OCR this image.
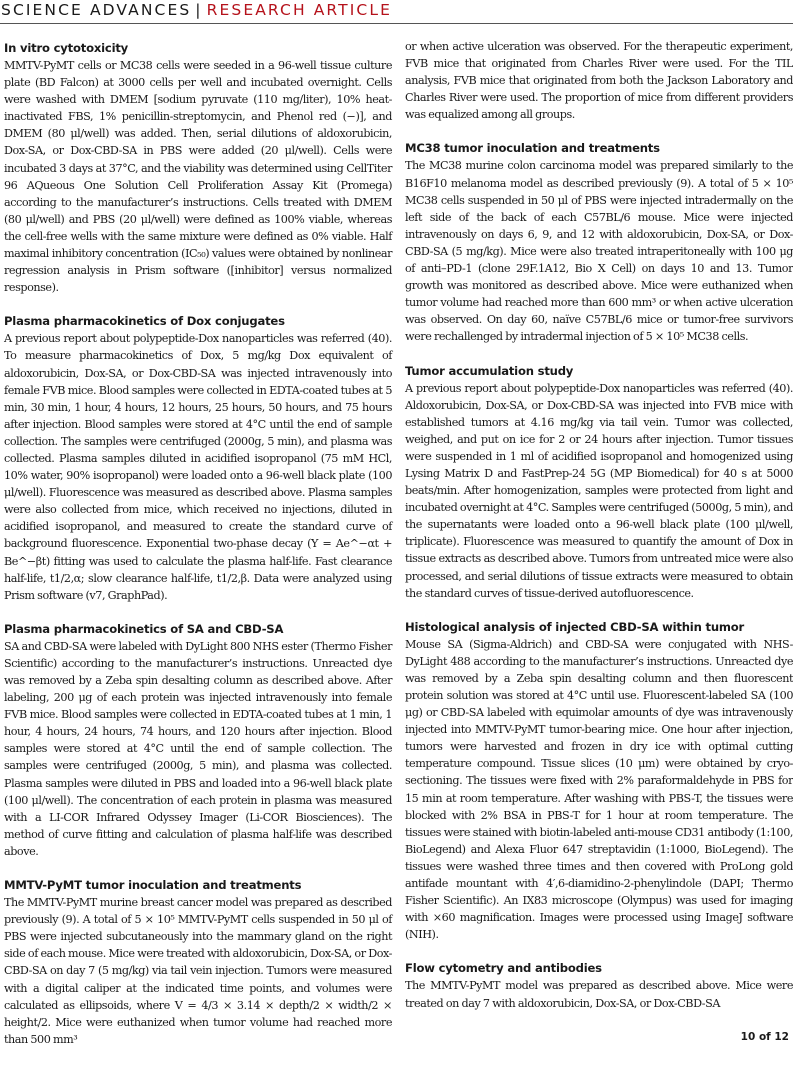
SCIENCE ADVANCES | RESEARCH ARTICLE
In vitro cytotoxicity

MMTV-PyMT cells or MC38 cells were seeded in a 96-well tissue culture plate (BD Falcon) at 3000 cells per well and incubated overnight. Cells were washed with DMEM [sodium pyruvate (110 mg/liter), 10% heat-inactivated FBS, 1% penicillin-streptomycin, and Phenol red (−)], and DMEM (80 μl/well) was added. Then, serial dilutions of aldoxorubicin, Dox-SA, or Dox-CBD-SA in PBS were added (20 μl/well). Cells were incubated 3 days at 37°C, and the viability was determined using CellTiter 96 AQueous One Solution Cell Proliferation Assay Kit (Promega) according to the manufacturer’s instructions. Cells treated with DMEM (80 μl/well) and PBS (20 μl/well) were defined as 100% viable, whereas the cell-free wells with the same mixture were defined as 0% viable. Half maximal inhibitory concentration (IC₅₀) values were obtained by nonlinear regression analysis in Prism software ([inhibitor] versus normalized response).

Plasma pharmacokinetics of Dox conjugates

A previous report about polypeptide-Dox nanoparticles was referred (40). To measure pharmacokinetics of Dox, 5 mg/kg Dox equivalent of aldoxorubicin, Dox-SA, or Dox-CBD-SA was injected intravenously into female FVB mice. Blood samples were collected in EDTA-coated tubes at 5 min, 30 min, 1 hour, 4 hours, 12 hours, 25 hours, 50 hours, and 75 hours after injection. Blood samples were stored at 4°C until the end of sample collection. The samples were centrifuged (2000g, 5 min), and plasma was collected. Plasma samples diluted in acidified isopropanol (75 mM HCl, 10% water, 90% isopropanol) were loaded onto a 96-well black plate (100 μl/well). Fluorescence was measured as described above. Plasma samples were also collected from mice, which received no injections, diluted in acidified isopropanol, and measured to create the standard curve of background fluorescence. Exponential two-phase decay (Y = Ae^−αt + Be^−βt) fitting was used to calculate the plasma half-life. Fast clearance half-life, t1/2,α; slow clearance half-life, t1/2,β. Data were analyzed using Prism software (v7, GraphPad).

Plasma pharmacokinetics of SA and CBD-SA

SA and CBD-SA were labeled with DyLight 800 NHS ester (Thermo Fisher Scientific) according to the manufacturer’s instructions. Unreacted dye was removed by a Zeba spin desalting column as described above. After labeling, 200 μg of each protein was injected intravenously into female FVB mice. Blood samples were collected in EDTA-coated tubes at 1 min, 1 hour, 4 hours, 24 hours, 74 hours, and 120 hours after injection. Blood samples were stored at 4°C until the end of sample collection. The samples were centrifuged (2000g, 5 min), and plasma was collected. Plasma samples were diluted in PBS and loaded into a 96-well black plate (100 μl/well). The concentration of each protein in plasma was measured with a LI-COR Infrared Odyssey Imager (Li-COR Biosciences). The method of curve fitting and calculation of plasma half-life was described above.

MMTV-PyMT tumor inoculation and treatments

The MMTV-PyMT murine breast cancer model was prepared as described previously (9). A total of 5 × 10⁵ MMTV-PyMT cells suspended in 50 μl of PBS were injected subcutaneously into the mammary gland on the right side of each mouse. Mice were treated with aldoxorubicin, Dox-SA, or Dox-CBD-SA on day 7 (5 mg/kg) via tail vein injection. Tumors were measured with a digital caliper at the indicated time points, and volumes were calculated as ellipsoids, where V = 4/3 × 3.14 × depth/2 × width/2 × height/2. Mice were euthanized when tumor volume had reached more than 500 mm³

or when active ulceration was observed. For the therapeutic experiment, FVB mice that originated from Charles River were used. For the TIL analysis, FVB mice that originated from both the Jackson Laboratory and Charles River were used. The proportion of mice from different providers was equalized among all groups.

MC38 tumor inoculation and treatments

The MC38 murine colon carcinoma model was prepared similarly to the B16F10 melanoma model as described previously (9). A total of 5 × 10⁵ MC38 cells suspended in 50 μl of PBS were injected intradermally on the left side of the back of each C57BL/6 mouse. Mice were injected intravenously on days 6, 9, and 12 with aldoxorubicin, Dox-SA, or Dox-CBD-SA (5 mg/kg). Mice were also treated intraperitoneally with 100 μg of anti–PD-1 (clone 29F.1A12, Bio X Cell) on days 10 and 13. Tumor growth was monitored as described above. Mice were euthanized when tumor volume had reached more than 600 mm³ or when active ulceration was observed. On day 60, naïve C57BL/6 mice or tumor-free survivors were rechallenged by intradermal injection of 5 × 10⁵ MC38 cells.

Tumor accumulation study

A previous report about polypeptide-Dox nanoparticles was referred (40). Aldoxorubicin, Dox-SA, or Dox-CBD-SA was injected into FVB mice with established tumors at 4.16 mg/kg via tail vein. Tumor was collected, weighed, and put on ice for 2 or 24 hours after injection. Tumor tissues were suspended in 1 ml of acidified isopropanol and homogenized using Lysing Matrix D and FastPrep-24 5G (MP Biomedical) for 40 s at 5000 beats/min. After homogenization, samples were protected from light and incubated overnight at 4°C. Samples were centrifuged (5000g, 5 min), and the supernatants were loaded onto a 96-well black plate (100 μl/well, triplicate). Fluorescence was measured to quantify the amount of Dox in tissue extracts as described above. Tumors from untreated mice were also processed, and serial dilutions of tissue extracts were measured to obtain the standard curves of tissue-derived autofluorescence.

Histological analysis of injected CBD-SA within tumor

Mouse SA (Sigma-Aldrich) and CBD-SA were conjugated with NHS-DyLight 488 according to the manufacturer’s instructions. Unreacted dye was removed by a Zeba spin desalting column and then fluorescent protein solution was stored at 4°C until use. Fluorescent-labeled SA (100 μg) or CBD-SA labeled with equimolar amounts of dye was intravenously injected into MMTV-PyMT tumor-bearing mice. One hour after injection, tumors were harvested and frozen in dry ice with optimal cutting temperature compound. Tissue slices (10 μm) were obtained by cryo-sectioning. The tissues were fixed with 2% paraformaldehyde in PBS for 15 min at room temperature. After washing with PBS-T, the tissues were blocked with 2% BSA in PBS-T for 1 hour at room temperature. The tissues were stained with biotin-labeled anti-mouse CD31 antibody (1:100, BioLegend) and Alexa Fluor 647 streptavidin (1:1000, BioLegend). The tissues were washed three times and then covered with ProLong gold antifade mountant with 4′,6-diamidino-2-phenylindole (DAPI; Thermo Fisher Scientific). An IX83 microscope (Olympus) was used for imaging with ×60 magnification. Images were processed using ImageJ software (NIH).

Flow cytometry and antibodies

The MMTV-PyMT model was prepared as described above. Mice were treated on day 7 with aldoxorubicin, Dox-SA, or Dox-CBD-SA

10 of 12
